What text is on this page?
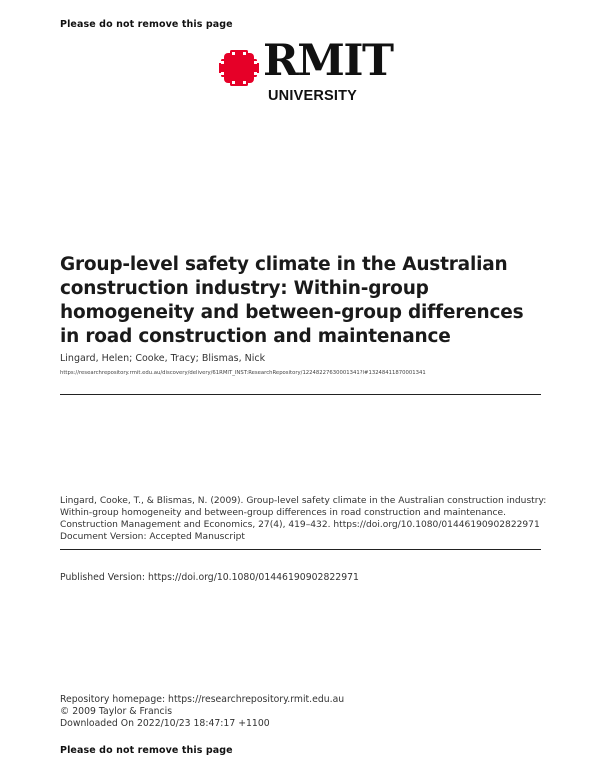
Please do not remove this page
RMIT
UNIVERSITY
Group-level safety climate in the Australian construction industry: Within-group homogeneity and between-group differences in road construction and maintenance
Lingard, Helen; Cooke, Tracy; Blismas, Nick
https://researchrepository.rmit.edu.au/discovery/delivery/61RMIT_INST:ResearchRepository/12248227630001341?l#13248411870001341
Lingard, Cooke, T., & Blismas, N. (2009). Group-level safety climate in the Australian construction industry:
Within-group homogeneity and between-group differences in road construction and maintenance.
Construction Management and Economics, 27(4), 419–432. https://doi.org/10.1080/01446190902822971
Document Version: Accepted Manuscript
Published Version: https://doi.org/10.1080/01446190902822971
Repository homepage: https://researchrepository.rmit.edu.au
© 2009 Taylor & Francis
Downloaded On 2022/10/23 18:47:17 +1100
Please do not remove this page
